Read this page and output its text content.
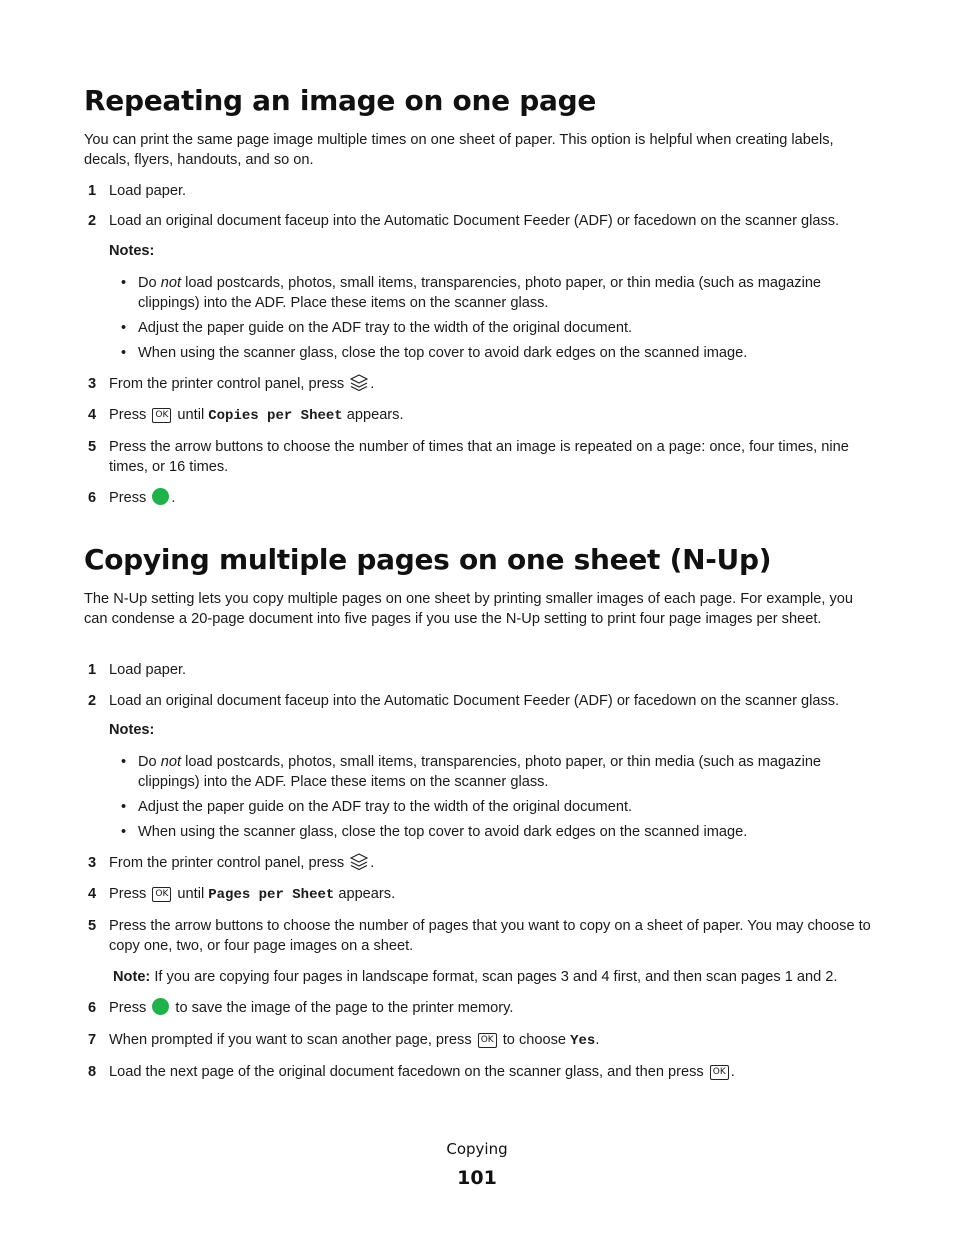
Repeating an image on one page

You can print the same page image multiple times on one sheet of paper. This option is helpful when creating labels, decals, flyers, handouts, and so on.

1 Load paper.
2 Load an original document faceup into the Automatic Document Feeder (ADF) or facedown on the scanner glass.
Notes:
• Do not load postcards, photos, small items, transparencies, photo paper, or thin media (such as magazine clippings) into the ADF. Place these items on the scanner glass.
• Adjust the paper guide on the ADF tray to the width of the original document.
• When using the scanner glass, close the top cover to avoid dark edges on the scanned image.
3 From the printer control panel, press .
4 Press OK until Copies per Sheet appears.
5 Press the arrow buttons to choose the number of times that an image is repeated on a page: once, four times, nine times, or 16 times.
6 Press .
Copying multiple pages on one sheet (N-Up)

The N-Up setting lets you copy multiple pages on one sheet by printing smaller images of each page. For example, you can condense a 20-page document into five pages if you use the N-Up setting to print four page images per sheet.

1 Load paper.
2 Load an original document faceup into the Automatic Document Feeder (ADF) or facedown on the scanner glass.
Notes:
• Do not load postcards, photos, small items, transparencies, photo paper, or thin media (such as magazine clippings) into the ADF. Place these items on the scanner glass.
• Adjust the paper guide on the ADF tray to the width of the original document.
• When using the scanner glass, close the top cover to avoid dark edges on the scanned image.
3 From the printer control panel, press .
4 Press OK until Pages per Sheet appears.
5 Press the arrow buttons to choose the number of pages that you want to copy on a sheet of paper. You may choose to copy one, two, or four page images on a sheet.
Note: If you are copying four pages in landscape format, scan pages 3 and 4 first, and then scan pages 1 and 2.
6 Press  to save the image of the page to the printer memory.
7 When prompted if you want to scan another page, press OK to choose Yes.
8 Load the next page of the original document facedown on the scanner glass, and then press OK .
Copying
101
